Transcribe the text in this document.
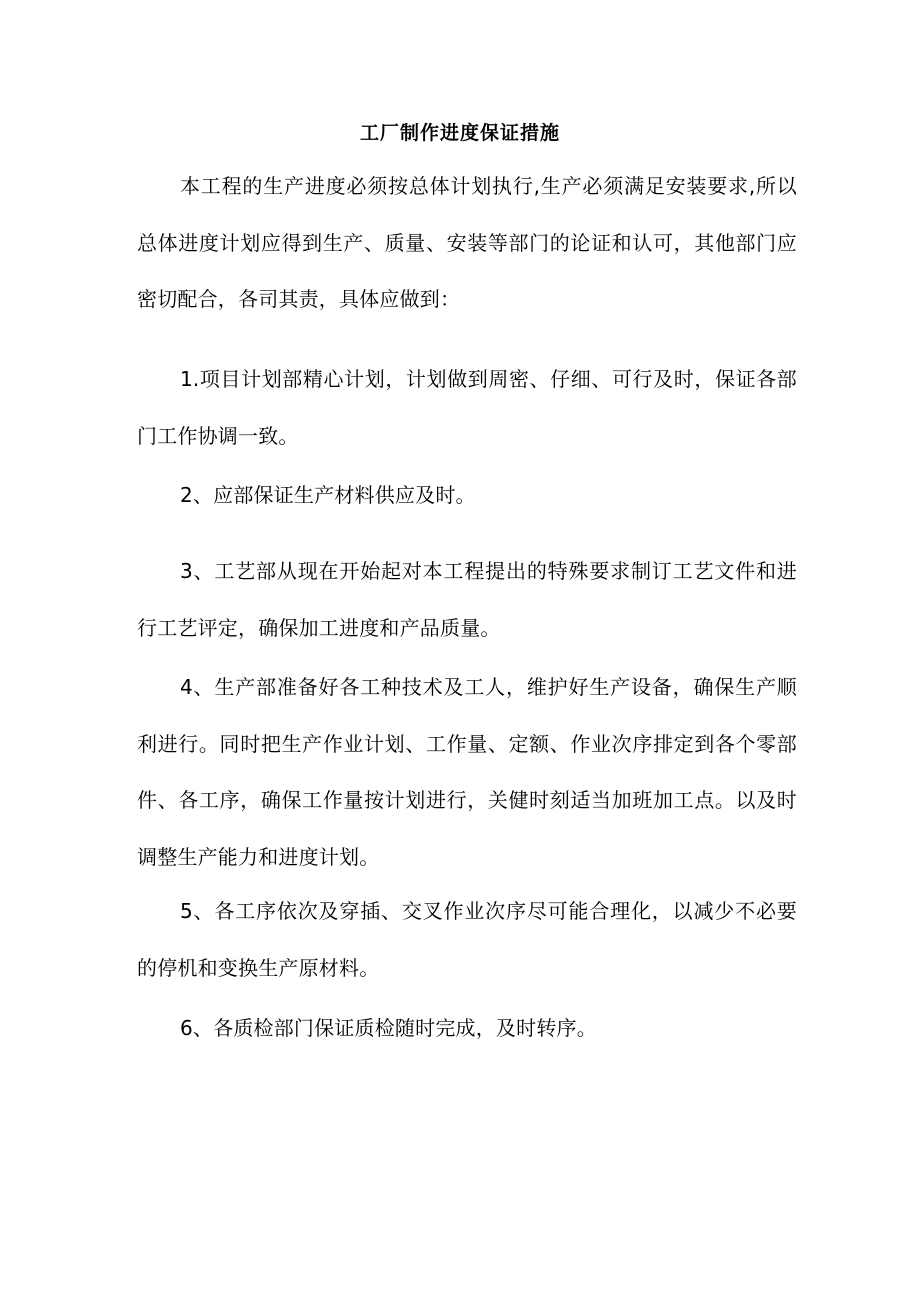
工厂制作进度保证措施

本工程的生产进度必须按总体计划执行,生产必须满足安装要求,所以总体进度计划应得到生产、质量、安装等部门的论证和认可，其他部门应密切配合，各司其责，具体应做到：

1.项目计划部精心计划，计划做到周密、仔细、可行及时，保证各部门工作协调一致。

2、应部保证生产材料供应及时。

3、工艺部从现在开始起对本工程提出的特殊要求制订工艺文件和进行工艺评定，确保加工进度和产品质量。

4、生产部准备好各工种技术及工人，维护好生产设备，确保生产顺利进行。同时把生产作业计划、工作量、定额、作业次序排定到各个零部件、各工序，确保工作量按计划进行，关健时刻适当加班加工点。以及时调整生产能力和进度计划。

5、各工序依次及穿插、交叉作业次序尽可能合理化，以减少不必要的停机和变换生产原材料。

6、各质检部门保证质检随时完成，及时转序。
